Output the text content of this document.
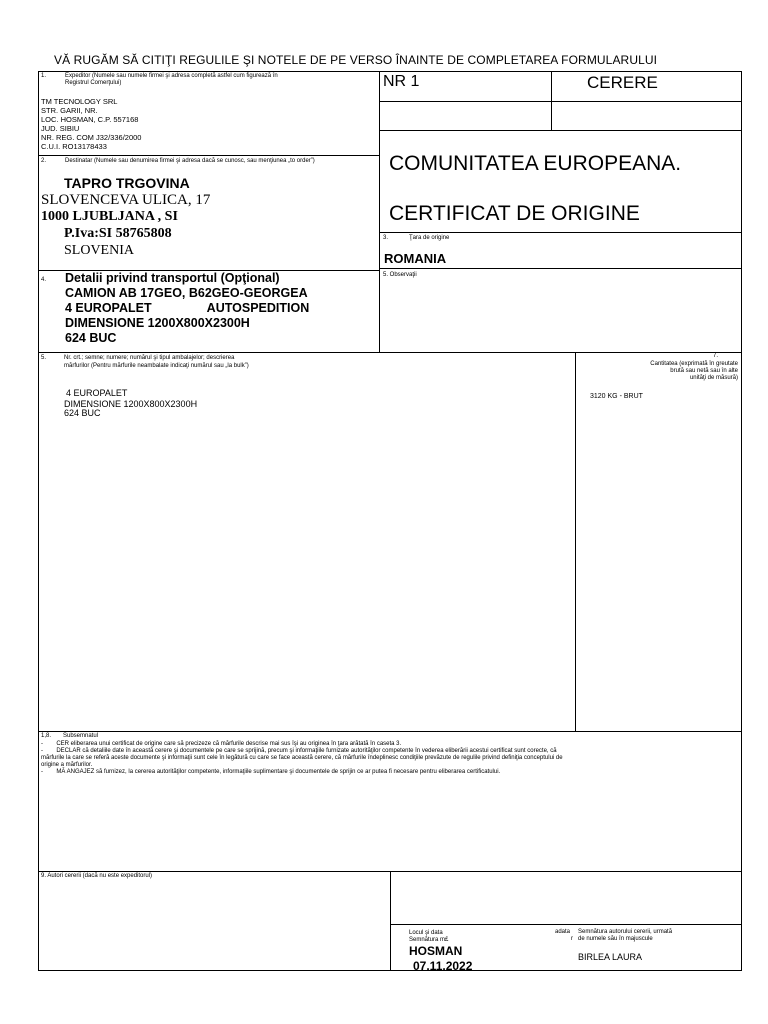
VĂ RUGĂM SĂ CITIŢI REGULILE ŞI NOTELE DE PE VERSO ÎNAINTE DE COMPLETAREA FORMULARULUI
1.	Expeditor (Numele sau numele firmei şi adresa completă astfel cum figurează în
Registrul Comerţului)
TM TECNOLOGY SRL
STR. GARII, NR.
LOC. HOSMAN, C.P. 557168
JUD. SIBIU
NR. REG. COM J32/336/2000
C.U.I. RO13178433
NR 1	CERERE
2.	Destinatar (Numele sau denumirea firmei şi adresa dacă se cunosc, sau menţiunea „to order”)
TAPRO TRGOVINA
SLOVENCEVA ULICA, 17
1000 LJUBLJANA , SI
P.Iva:SI 58765808
SLOVENIA
COMUNITATEA EUROPEANA.
CERTIFICAT DE ORIGINE
3.	Ţara de origine
ROMANIA
4. Detalii privind transportul (Opţional)
CAMION AB 17GEO, B62GEO-GEORGEA
4 EUROPALET                AUTOSPEDITION
DIMENSIONE 1200X800X2300H
624 BUC
5. Observaţii
5.	Nr. crt.; semne; numere; numărul şi tipul ambalajelor; descrierea
mărfurilor (Pentru mărfurile neambalate indicaţi numărul sau „la bulk”)
4 EUROPALET
DIMENSIONE 1200X800X2300H
624 BUC
7.
Cantitatea (exprimată în greutate
brută sau netă sau în alte
unităţi de măsură)
3120 KG - BRUT
1,8. Subsemnatul
-        CER eliberarea unui certificat de origine care să precizeze că mărfurile descrise mai sus îşi au originea în ţara arătată în caseta 3.
-        DECLAR că detaliile date în această cerere şi documentele pe care se sprijină, precum şi informaţiile furnizate autorităţilor competente în vederea eliberării acestui certificat sunt corecte, că
mărfurile la care se referă aceste documente şi informaţii sunt cele în legătură cu care se face această cerere, că mărfurile îndeplinesc condiţiile prevăzute de regulile privind definiţia conceptului de
origine a mărfurilor.
-        MĂ ANGAJEZ să furnizez, la cererea autorităţilor competente, informaţiile suplimentare şi documentele de sprijin ce ar putea fi necesare pentru eliberarea certificatului.
9. Autori cererii (dacă nu este expeditorul)
Locul şi data
Semnătura m£
HOSMAN
07.11.2022
adata
r
Semnătura autorului cererii, urmată
de numele său în majuscule
BIRLEA LAURA
